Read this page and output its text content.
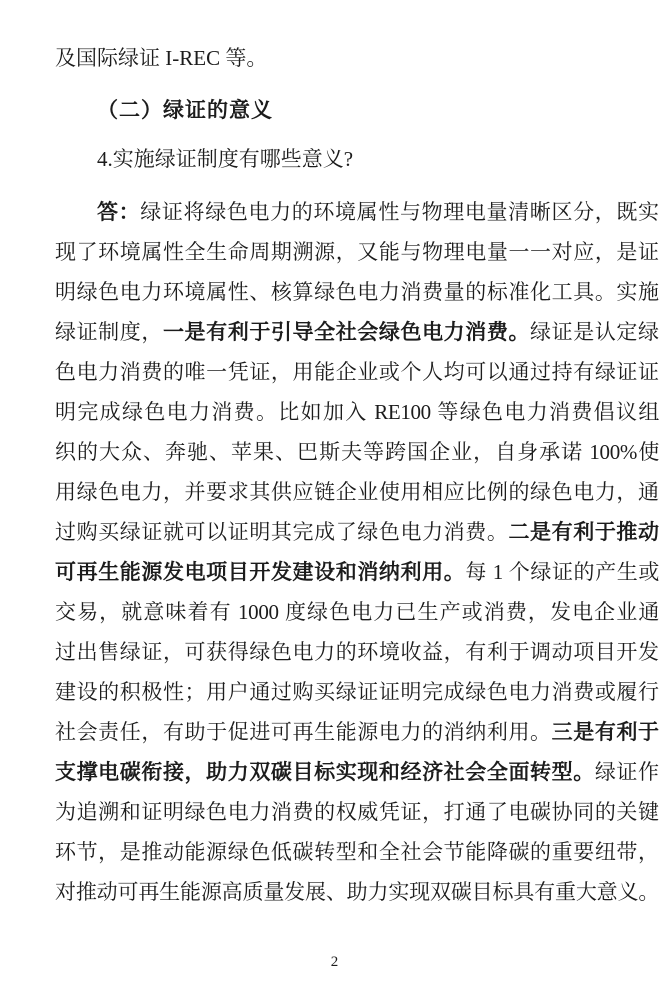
及国际绿证 I-REC 等。
（二）绿证的意义
4.实施绿证制度有哪些意义?
答：绿证将绿色电力的环境属性与物理电量清晰区分，既实
现了环境属性全生命周期溯源，又能与物理电量一一对应，是证
明绿色电力环境属性、核算绿色电力消费量的标准化工具。实施
绿证制度，一是有利于引导全社会绿色电力消费。绿证是认定绿
色电力消费的唯一凭证，用能企业或个人均可以通过持有绿证证
明完成绿色电力消费。比如加入 RE100 等绿色电力消费倡议组
织的大众、奔驰、苹果、巴斯夫等跨国企业，自身承诺 100%使
用绿色电力，并要求其供应链企业使用相应比例的绿色电力，通
过购买绿证就可以证明其完成了绿色电力消费。二是有利于推动
可再生能源发电项目开发建设和消纳利用。每 1 个绿证的产生或
交易，就意味着有 1000 度绿色电力已生产或消费，发电企业通
过出售绿证，可获得绿色电力的环境收益，有利于调动项目开发
建设的积极性；用户通过购买绿证证明完成绿色电力消费或履行
社会责任，有助于促进可再生能源电力的消纳利用。三是有利于
支撑电碳衔接，助力双碳目标实现和经济社会全面转型。绿证作
为追溯和证明绿色电力消费的权威凭证，打通了电碳协同的关键
环节，是推动能源绿色低碳转型和全社会节能降碳的重要纽带，
对推动可再生能源高质量发展、助力实现双碳目标具有重大意义。
2
